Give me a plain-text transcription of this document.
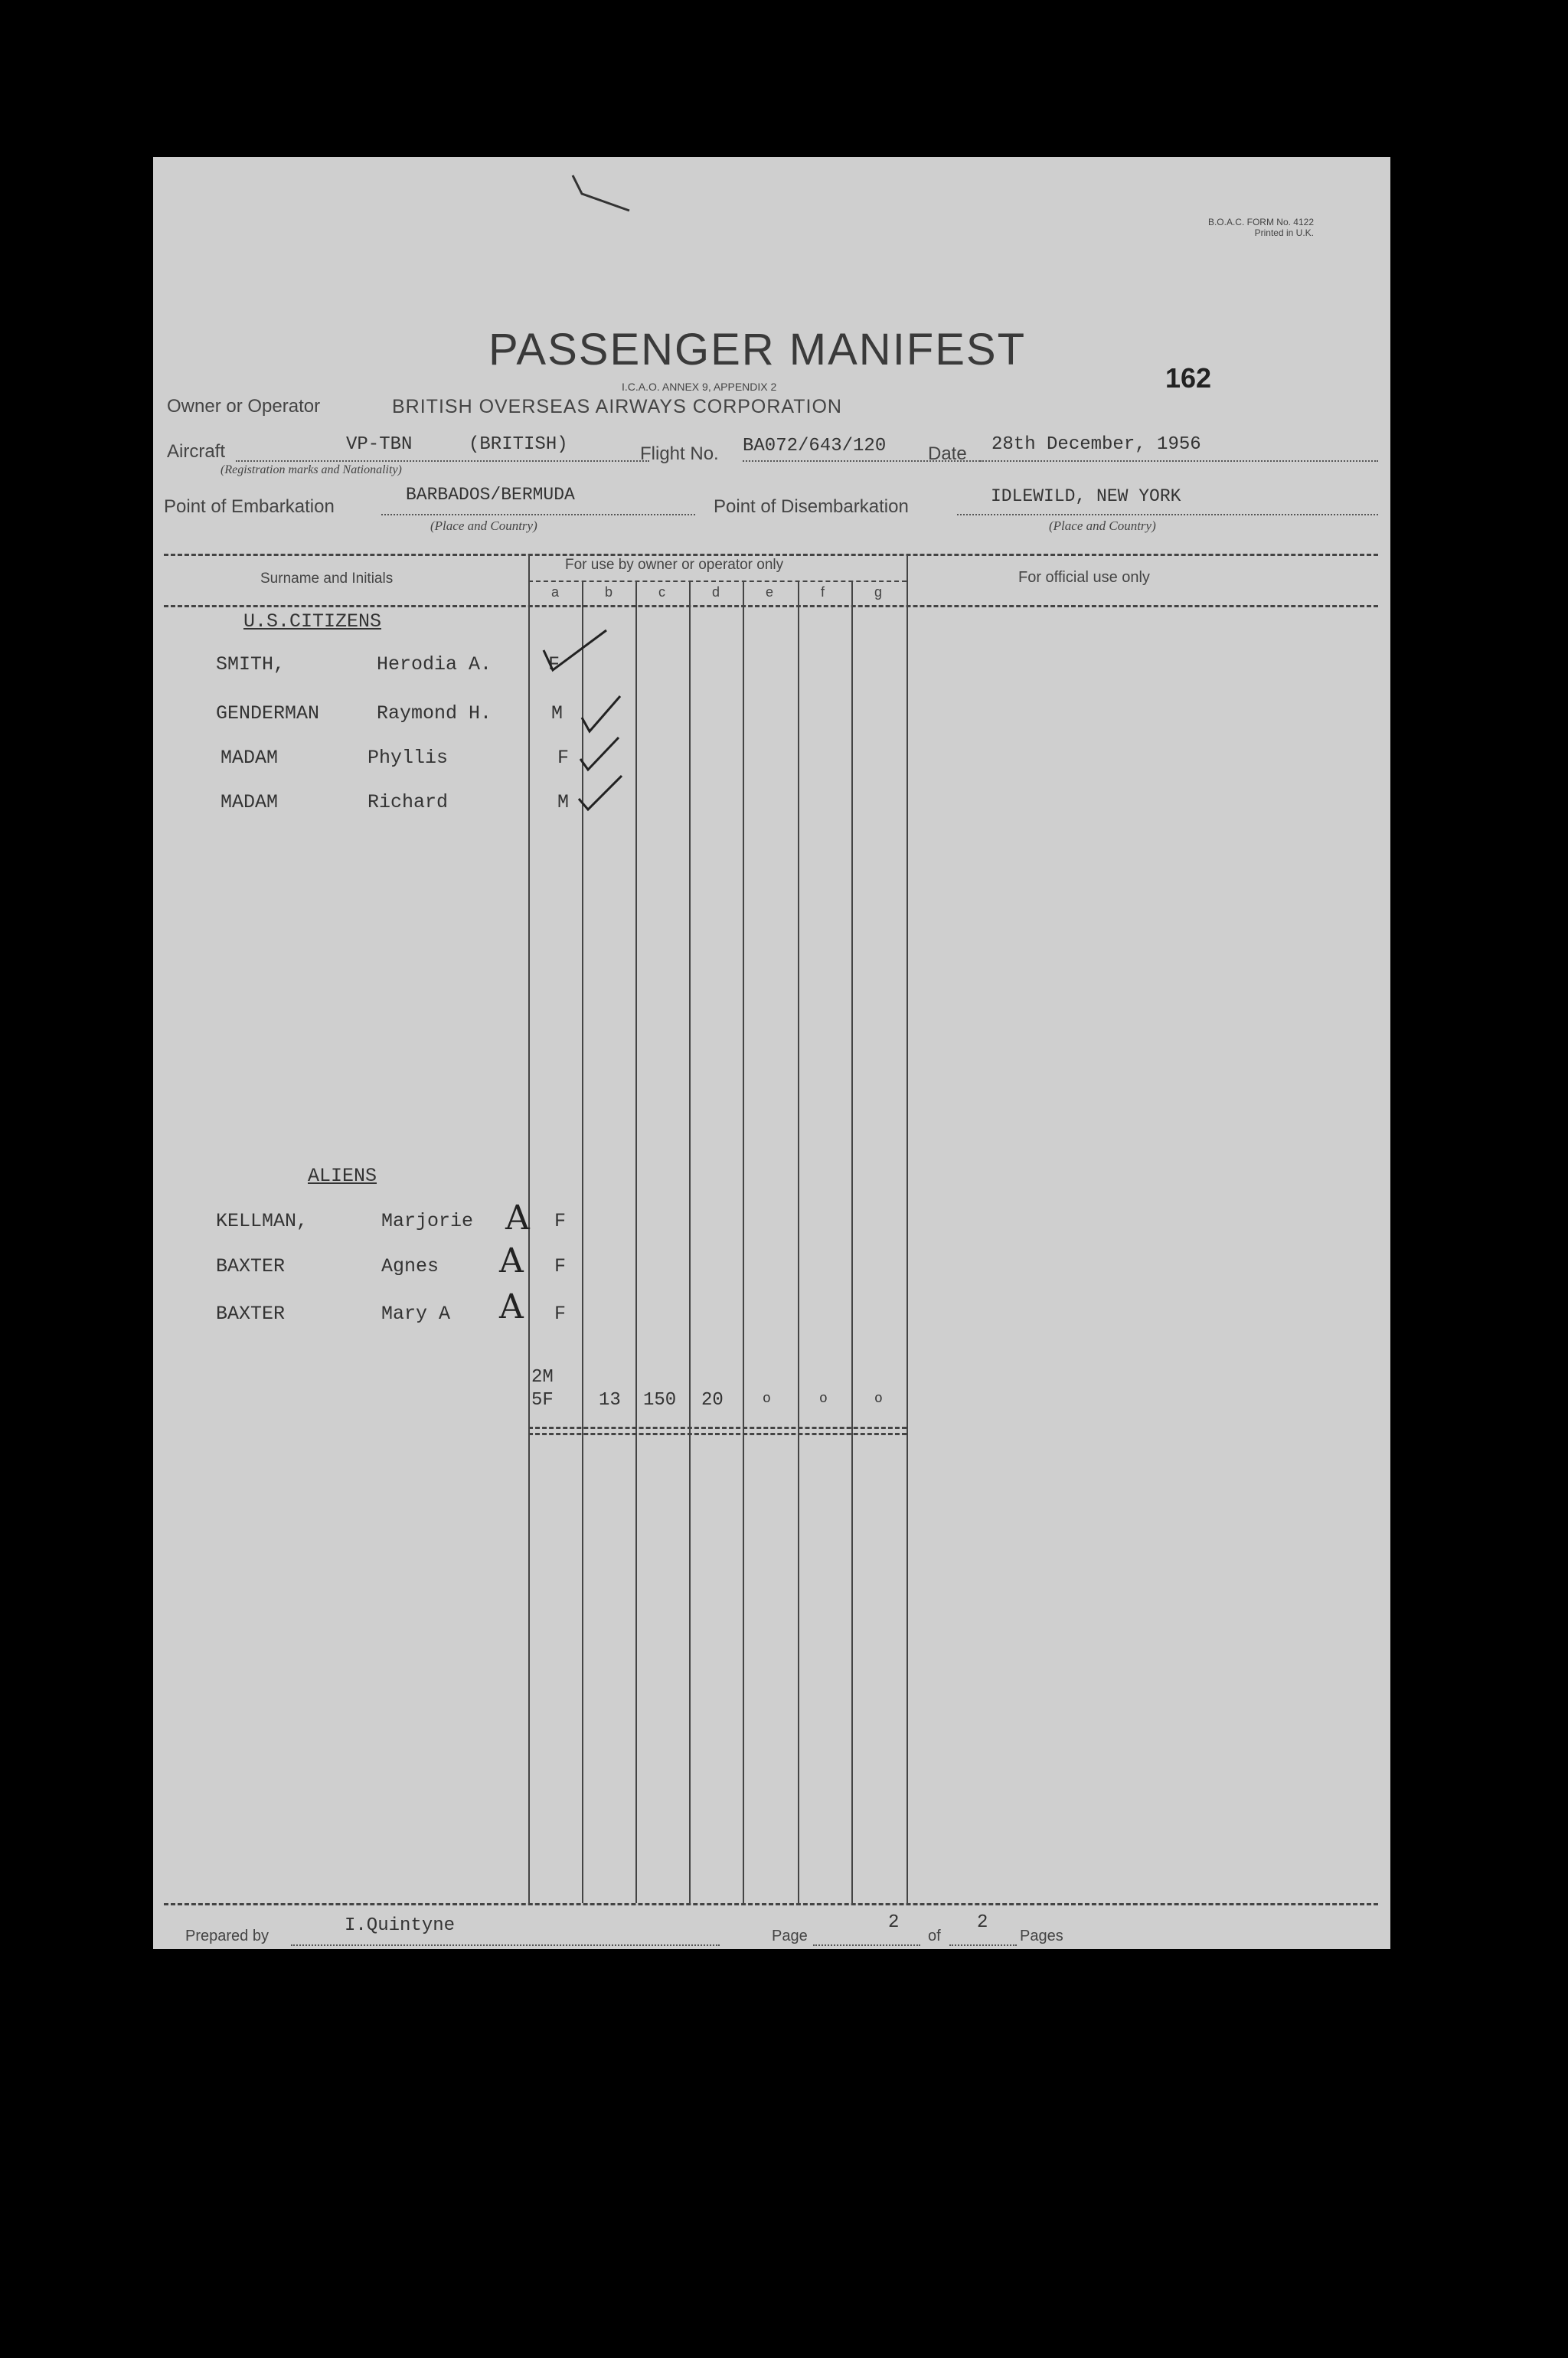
B.O.A.C. FORM No. 4122
Printed in U.K.
PASSENGER MANIFEST
I.C.A.O. ANNEX 9, APPENDIX 2	162
Owner or Operator	BRITISH OVERSEAS AIRWAYS CORPORATION
Aircraft	VP-TBN	(BRITISH)
(Registration marks and Nationality)
Flight No. BA072/643/120 Date 28th December, 1956
Point of Embarkation
BARBADOS/BERMUDA
(Place and Country)
Point of Disembarkation	IDLEWILD, NEW YORK
(Place and Country)
Surname and Initials
For use by owner or operator only
For official use only
a	b	c	d	e	f	g
U.S.CITIZENS
SMITH,	Herodia A.	F
GENDERMAN	Raymond H.	M
MADAM	Phyllis	F
MADAM	Richard	M
ALIENS
KELLMAN,	Marjorie A F
BAXTER	Agnes A F
BAXTER	Mary A A F
2M
5F 13 150 20	o	o	o
Prepared by	I.Quintyne	Page
2
of
2
Pages
